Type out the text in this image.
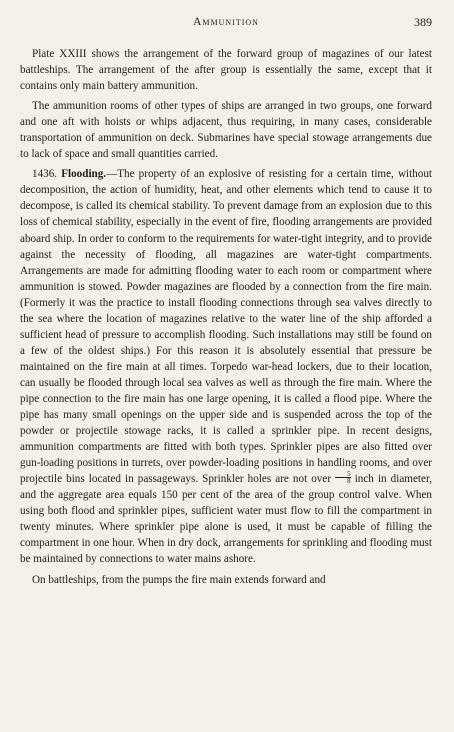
Ammunition	389

Plate XXIII shows the arrangement of the forward group of magazines of our latest battleships. The arrangement of the after group is essentially the same, except that it contains only main battery ammunition.

The ammunition rooms of other types of ships are arranged in two groups, one forward and one aft with hoists or whips adjacent, thus requiring, in many cases, considerable transportation of ammunition on deck. Submarines have special stowage arrangements due to lack of space and small quantities carried.

1436. Flooding.—The property of an explosive of resisting for a certain time, without decomposition, the action of humidity, heat, and other elements which tend to cause it to decompose, is called its chemical stability. To prevent damage from an explosion due to this loss of chemical stability, especially in the event of fire, flooding arrangements are provided aboard ship. In order to conform to the requirements for water-tight integrity, and to provide against the necessity of flooding, all magazines are water-tight compartments. Arrangements are made for admitting flooding water to each room or compartment where ammunition is stowed. Powder magazines are flooded by a connection from the fire main. (Formerly it was the practice to install flooding connections through sea valves directly to the sea where the location of magazines relative to the water line of the ship afforded a sufficient head of pressure to accomplish flooding. Such installations may still be found on a few of the oldest ships.) For this reason it is absolutely essential that pressure be maintained on the fire main at all times. Torpedo war-head lockers, due to their location, can usually be flooded through local sea valves as well as through the fire main. Where the pipe connection to the fire main has one large opening, it is called a flood pipe. Where the pipe has many small openings on the upper side and is suspended across the top of the powder or projectile stowage racks, it is called a sprinkler pipe. In recent designs, ammunition compartments are fitted with both types. Sprinkler pipes are also fitted over gun-loading positions in turrets, over powder-loading positions in handling rooms, and over projectile bins located in passageways. Sprinkler holes are not over $\frac{5}{8}$ inch in diameter, and the aggregate area equals 150 per cent of the area of the group control valve. When using both flood and sprinkler pipes, sufficient water must flow to fill the compartment in twenty minutes. Where sprinkler pipe alone is used, it must be capable of filling the compartment in one hour. When in dry dock, arrangements for sprinkling and flooding must be maintained by connections to water mains ashore.

On battleships, from the pumps the fire main extends forward and
